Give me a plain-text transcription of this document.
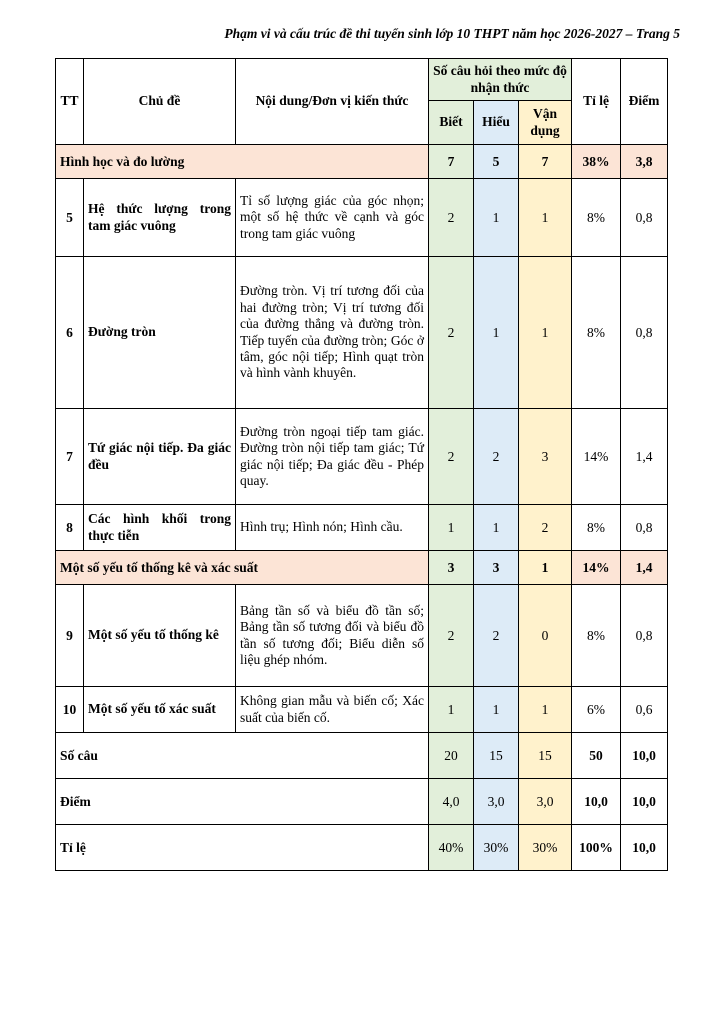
Phạm vi và cấu trúc đề thi tuyển sinh lớp 10 THPT năm học 2026-2027 – Trang 5
TT	Chủ đề	Nội dung/Đơn vị kiến thức	Số câu hỏi theo mức độ nhận thức			Tỉ lệ	Điểm
			Biết	Hiểu	Vận dụng		
Hình học và đo lường			7	5	7	38%	3,8
5	Hệ thức lượng trong tam giác vuông	Tỉ số lượng giác của góc nhọn; một số hệ thức về cạnh và góc trong tam giác vuông	2	1	1	8%	0,8
6	Đường tròn	Đường tròn. Vị trí tương đối của hai đường tròn; Vị trí tương đối của đường thẳng và đường tròn. Tiếp tuyến của đường tròn; Góc ở tâm, góc nội tiếp; Hình quạt tròn và hình vành khuyên.	2	1	1	8%	0,8
7	Tứ giác nội tiếp. Đa giác đều	Đường tròn ngoại tiếp tam giác. Đường tròn nội tiếp tam giác; Tứ giác nội tiếp; Đa giác đều - Phép quay.	2	2	3	14%	1,4
8	Các hình khối trong thực tiễn	Hình trụ; Hình nón; Hình cầu.	1	1	2	8%	0,8
Một số yếu tố thống kê và xác suất			3	3	1	14%	1,4
9	Một số yếu tố thống kê	Bảng tần số và biểu đồ tần số; Bảng tần số tương đối và biểu đồ tần số tương đối; Biểu diễn số liệu ghép nhóm.	2	2	0	8%	0,8
10	Một số yếu tố xác suất	Không gian mẫu và biến cố; Xác suất của biến cố.	1	1	1	6%	0,6
Số câu			20	15	15	50	10,0
Điểm			4,0	3,0	3,0	10,0	10,0
Tỉ lệ			40%	30%	30%	100%	10,0
